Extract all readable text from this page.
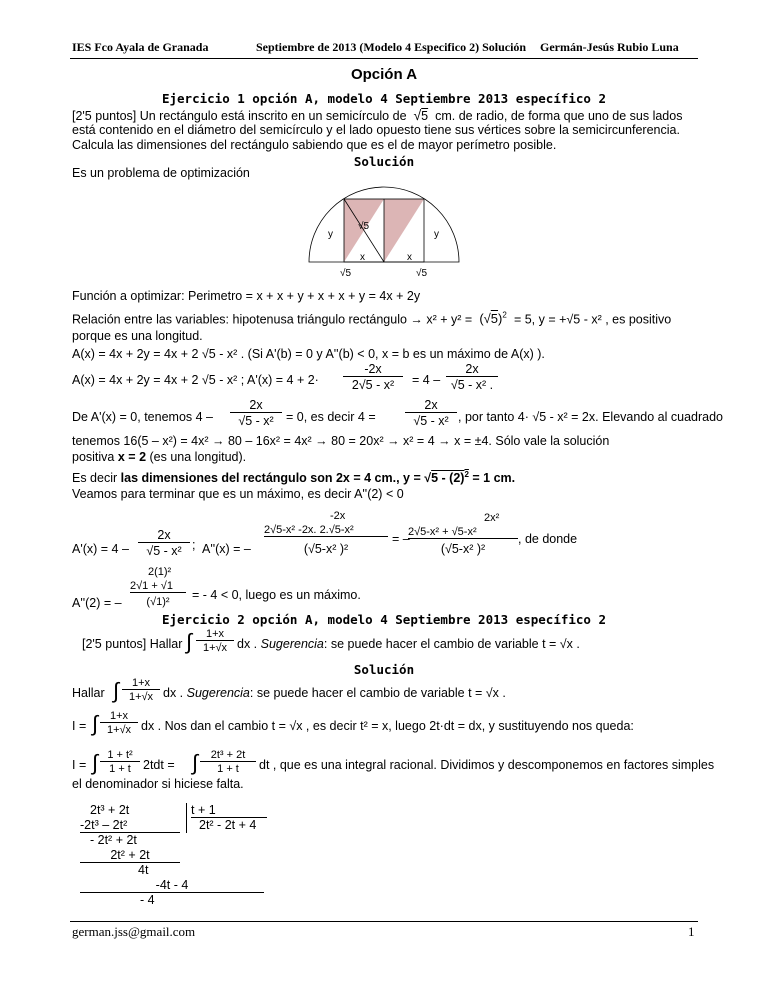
IES Fco Ayala de Granada	Septiembre de 2013 (Modelo 4 Especifico 2) Solución Germán-Jesús Rubio Luna
Opción A
Ejercicio 1 opción A, modelo 4 Septiembre 2013 específico 2
[2'5 puntos] Un rectángulo está inscrito en un semicírculo de √5 cm. de radio, de forma que uno de sus lados
está contenido en el diámetro del semicírculo y el lado opuesto tiene sus vértices sobre la semicircunferencia.
Calcula las dimensiones del rectángulo sabiendo que es el de mayor perímetro posible.
Solución
Es un problema de optimización
√5
y	y
x	x
√5	√5
Función a optimizar: Perimetro = x + x + y + x + x + y = 4x + 2y
Relación entre las variables: hipotenusa triángulo rectángulo → $x^2 + y^2 = (√5)^2 = 5$, y = +√5 - x² , es positivo
porque es una longitud.
A(x) = 4x + 2y = 4x + 2 √5 - x² . (Si A'(b) = 0 y A''(b) < 0, x = b es un máximo de A(x) ).
A(x) = 4x + 2y = 4x + 2 √5 - x² ; A'(x) = 4 + 2·
-2x
2√5 - x²	= 4 –
2x
√5 - x² .
De A'(x) = 0, tenemos 4 –
2x
√5 - x² = 0, es decir 4 =
2x
√5 - x² , por tanto 4· √5 - x² = 2x. Elevando al cuadrado
tenemos 16(5 – x²) = 4x² → 80 – 16x² = 4x² → 80 = 20x² → x² = 4 → x = ±4. Sólo vale la solución
positiva x = 2 (es una longitud).
Es decir las dimensiones del rectángulo son 2x = 4 cm., $y = √5 - (2)^2 = 1$ cm.
Veamos para terminar que es un máximo, es decir A''(2) < 0
A'(x) = 4 –
2x
√5 - x² ; A''(x) = –
-2x
2√5-x² -2x. 2.√5-x²
(√5-x² )²
= –
2x²
2√5-x² + √5-x²
(√5-x² )²
, de donde
A''(2) = –
2(1)²
2√1 + √1
(√1)²	= - 4 < 0, luego es un máximo.
Ejercicio 2 opción A, modelo 4 Septiembre 2013 específico 2
[2'5 puntos] Hallar ∫	1+x
1+√x dx . Sugerencia: se puede hacer el cambio de variable t = √x .
Solución
Hallar ∫	1+x
1+√x dx . Sugerencia: se puede hacer el cambio de variable t = √x .
I = ∫	1+x
1+√x dx . Nos dan el cambio t = √x , es decir t² = x, luego 2t·dt = dx, y sustituyendo nos queda:
I = ∫ 1 + t²
1 + t 2tdt = ∫	2t³ + 2t
1 + t	dt , que es una integral racional. Dividimos y descomponemos en factores simples
el denominador si hiciese falta.
2t³ + 2t
-2t³ – 2t²
- 2t² + 2t
2t² + 2t
4t
-4t - 4
- 4
t + 1
2t² - 2t + 4
german.jss@gmail.com	1
